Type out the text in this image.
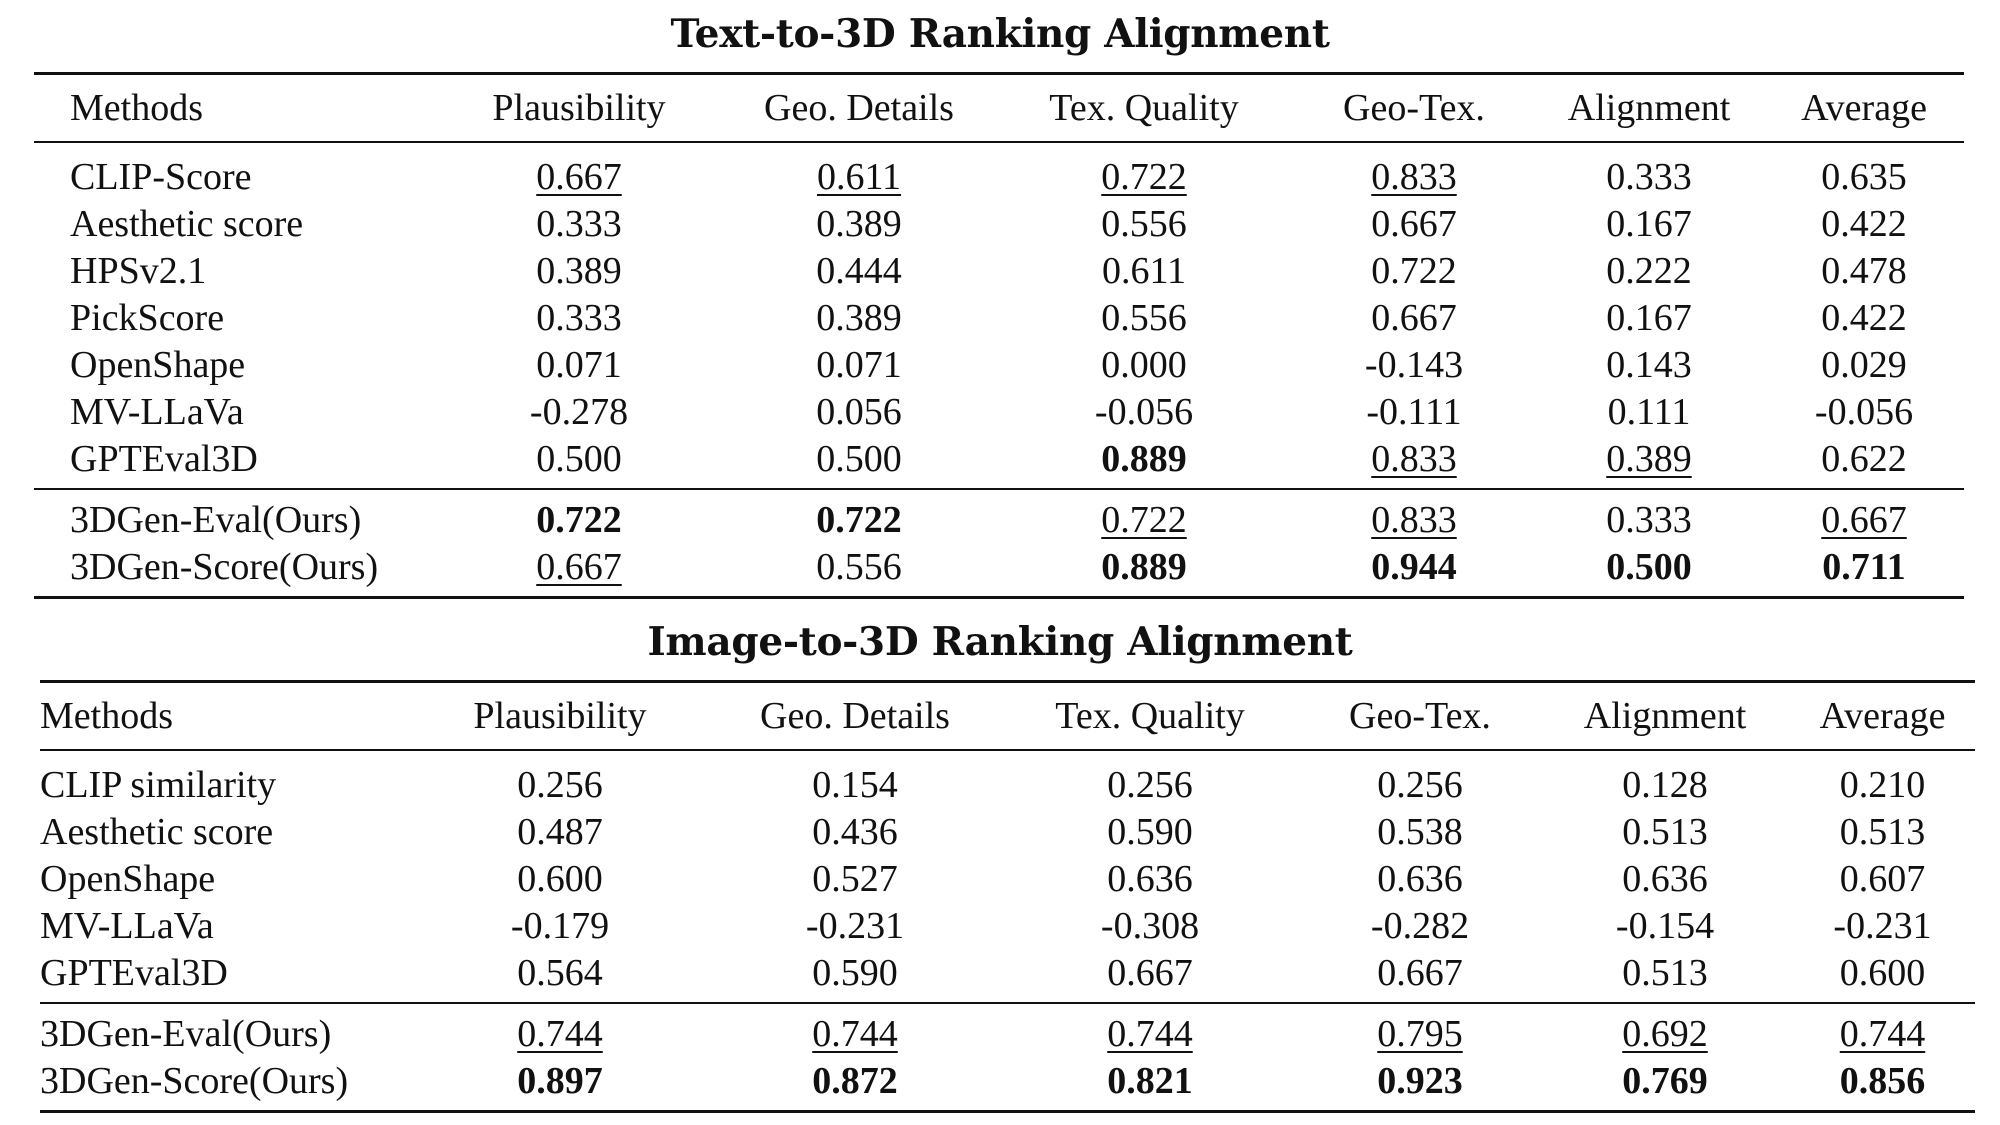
Text-to-3D Ranking Alignment
Methods	Plausibility	Geo. Details	Tex. Quality	Geo-Tex.	Alignment	Average
CLIP-Score	0.667	0.611	0.722	0.833	0.333	0.635
Aesthetic score	0.333	0.389	0.556	0.667	0.167	0.422
HPSv2.1	0.389	0.444	0.611	0.722	0.222	0.478
PickScore	0.333	0.389	0.556	0.667	0.167	0.422
OpenShape	0.071	0.071	0.000	-0.143	0.143	0.029
MV-LLaVa	-0.278	0.056	-0.056	-0.111	0.111	-0.056
GPTEval3D	0.500	0.500	0.889	0.833	0.389	0.622
3DGen-Eval(Ours)	0.722	0.722	0.722	0.833	0.333	0.667
3DGen-Score(Ours)	0.667	0.556	0.889	0.944	0.500	0.711
Image-to-3D Ranking Alignment
Methods	Plausibility	Geo. Details	Tex. Quality	Geo-Tex.	Alignment	Average
CLIP similarity	0.256	0.154	0.256	0.256	0.128	0.210
Aesthetic score	0.487	0.436	0.590	0.538	0.513	0.513
OpenShape	0.600	0.527	0.636	0.636	0.636	0.607
MV-LLaVa	-0.179	-0.231	-0.308	-0.282	-0.154	-0.231
GPTEval3D	0.564	0.590	0.667	0.667	0.513	0.600
3DGen-Eval(Ours)	0.744	0.744	0.744	0.795	0.692	0.744
3DGen-Score(Ours)	0.897	0.872	0.821	0.923	0.769	0.856
